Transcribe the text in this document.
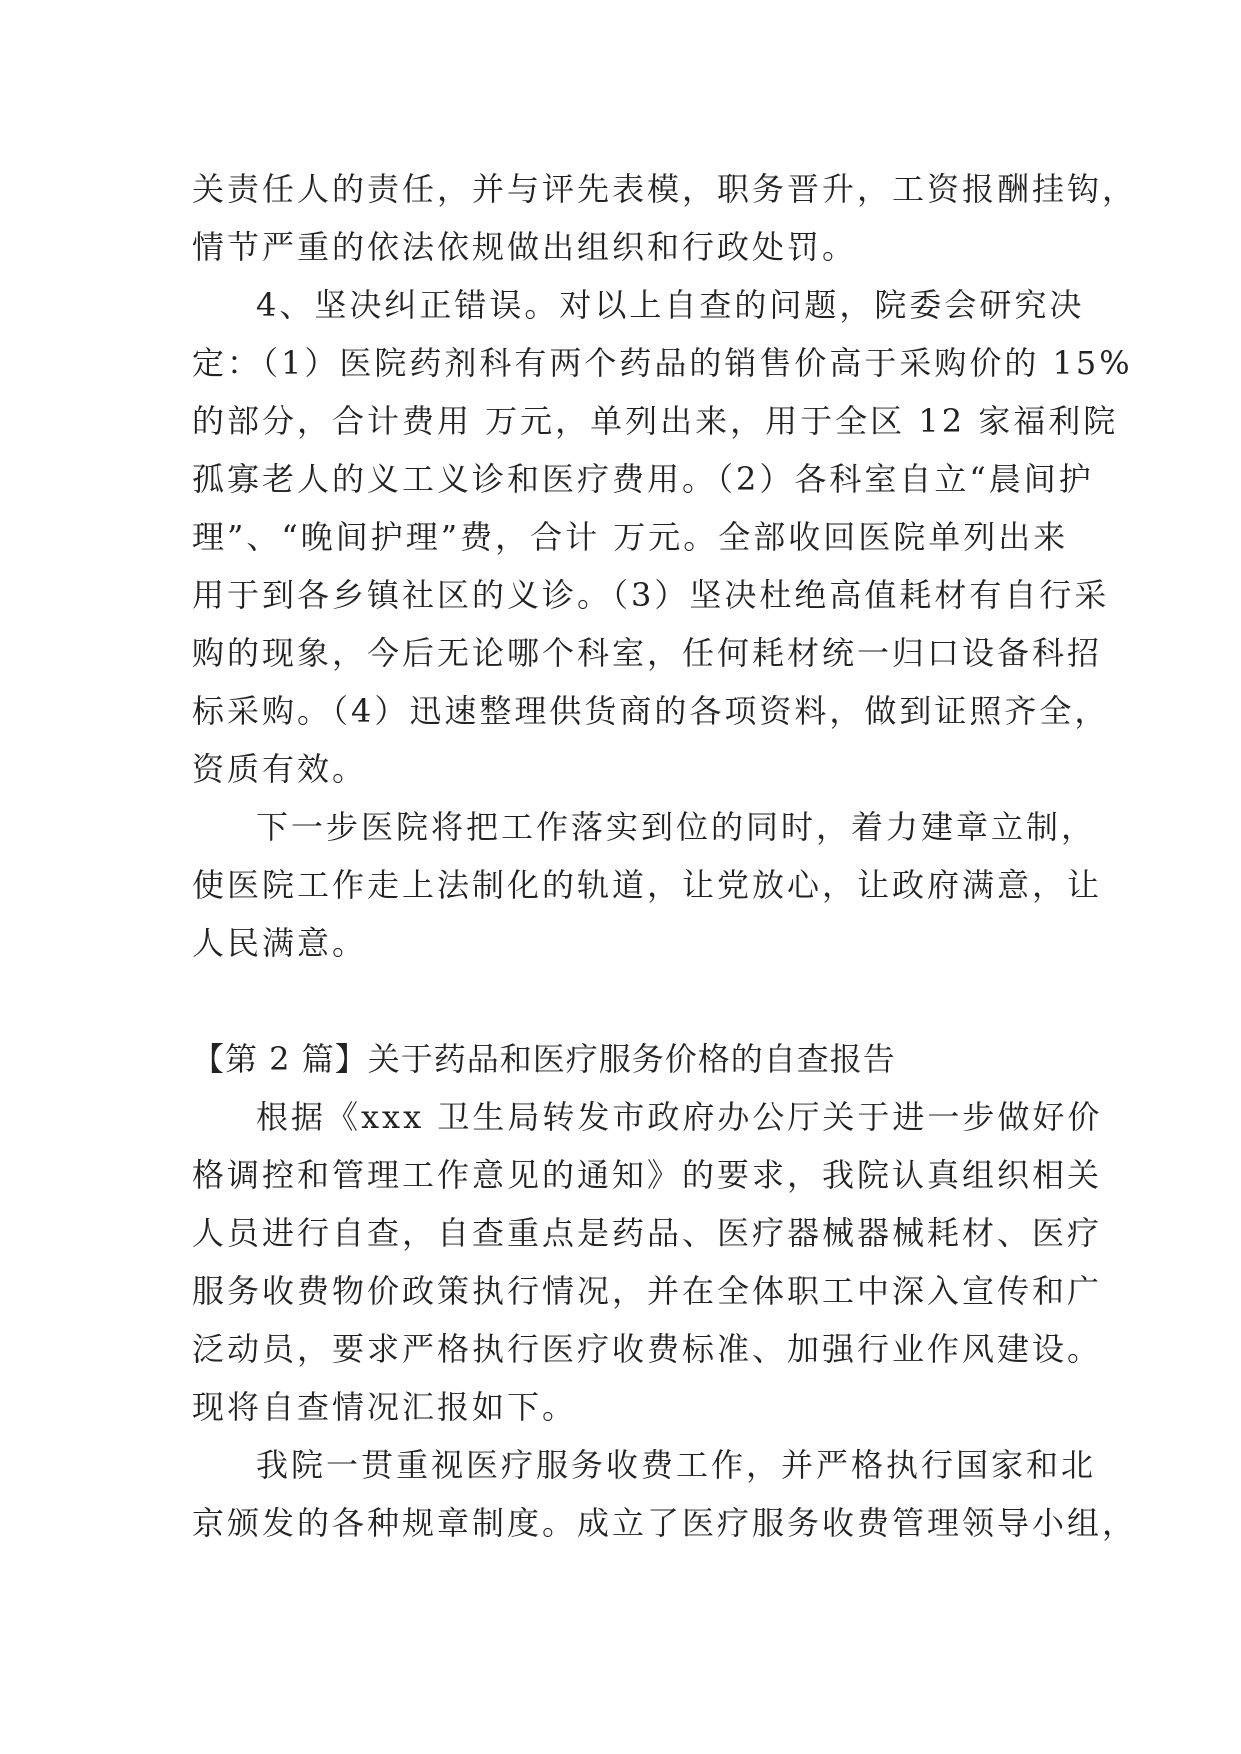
关责任人的责任，并与评先表模，职务晋升，工资报酬挂钩，
情节严重的依法依规做出组织和行政处罚。

4、坚决纠正错误。对以上自查的问题，院委会研究决
定：（1）医院药剂科有两个药品的销售价高于采购价的 15%
的部分，合计费用 万元，单列出来，用于全区 12 家福利院
孤寡老人的义工义诊和医疗费用。（2）各科室自立“晨间护
理”、“晚间护理”费，合计 万元。全部收回医院单列出来
用于到各乡镇社区的义诊。（3）坚决杜绝高值耗材有自行采
购的现象，今后无论哪个科室，任何耗材统一归口设备科招
标采购。（4）迅速整理供货商的各项资料，做到证照齐全，
资质有效。

下一步医院将把工作落实到位的同时，着力建章立制，
使医院工作走上法制化的轨道，让党放心，让政府满意，让
人民满意。

【第 2 篇】关于药品和医疗服务价格的自查报告

根据《xxx 卫生局转发市政府办公厅关于进一步做好价
格调控和管理工作意见的通知》的要求，我院认真组织相关
人员进行自查，自查重点是药品、医疗器械器械耗材、医疗
服务收费物价政策执行情况，并在全体职工中深入宣传和广
泛动员，要求严格执行医疗收费标准、加强行业作风建设。
现将自查情况汇报如下。

我院一贯重视医疗服务收费工作，并严格执行国家和北
京颁发的各种规章制度。成立了医疗服务收费管理领导小组，
